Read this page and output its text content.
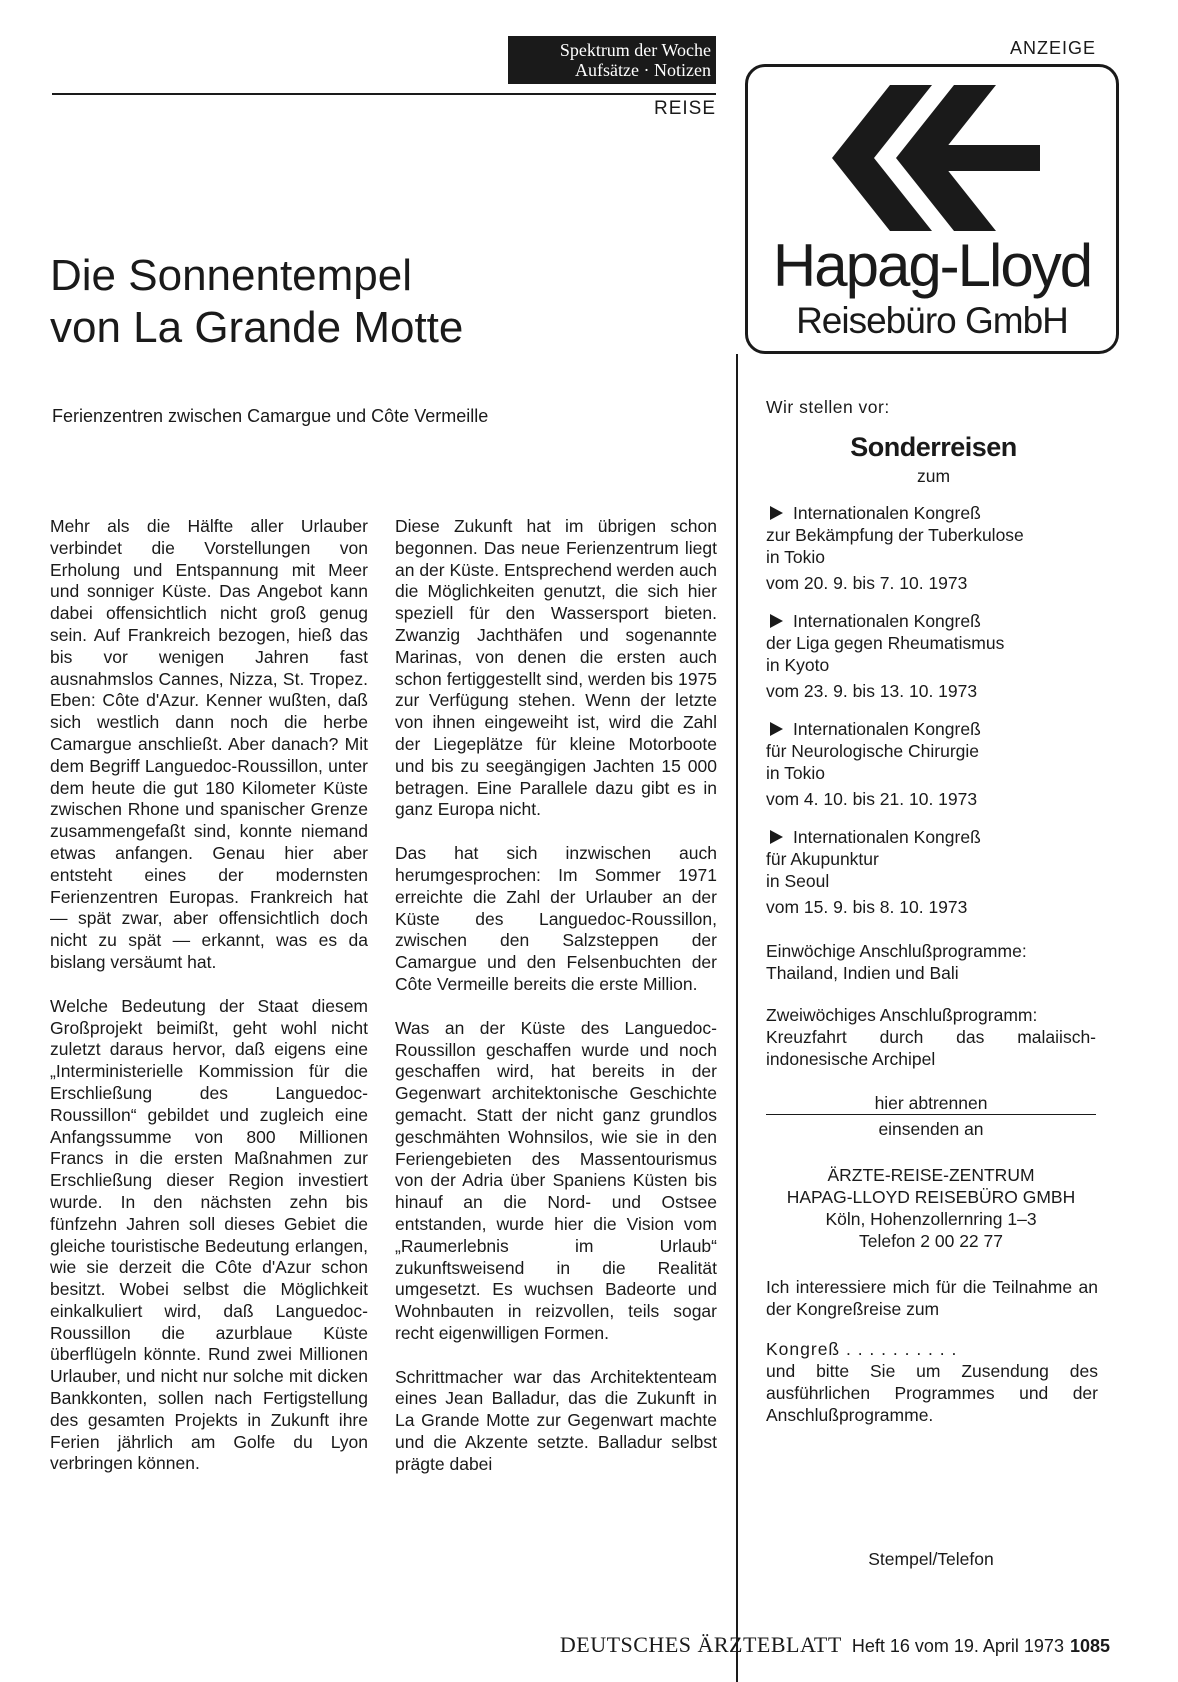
Spektrum der Woche
Aufsätze · Notizen
REISE
Die Sonnentempel
von La Grande Motte
Ferienzentren zwischen Camargue und Côte Vermeille

Mehr als die Hälfte aller Urlauber verbindet die Vorstellungen von Erholung und Entspannung mit Meer und sonniger Küste. Das Angebot kann dabei offensichtlich nicht groß genug sein. Auf Frankreich bezogen, hieß das bis vor wenigen Jahren fast ausnahmslos Cannes, Nizza, St. Tropez. Eben: Côte d'Azur. Kenner wußten, daß sich westlich dann noch die herbe Camargue anschließt. Aber danach? Mit dem Begriff Languedoc-Roussillon, unter dem heute die gut 180 Kilometer Küste zwischen Rhone und spanischer Grenze zusammengefaßt sind, konnte niemand etwas anfangen. Genau hier aber entsteht eines der modernsten Ferienzentren Europas. Frankreich hat — spät zwar, aber offensichtlich doch nicht zu spät — erkannt, was es da bislang versäumt hat.

Welche Bedeutung der Staat diesem Großprojekt beimißt, geht wohl nicht zuletzt daraus hervor, daß eigens eine „Interministerielle Kommission für die Erschließung des Languedoc-Roussillon“ gebildet und zugleich eine Anfangssumme von 800 Millionen Francs in die ersten Maßnahmen zur Erschließung dieser Region investiert wurde. In den nächsten zehn bis fünfzehn Jahren soll dieses Gebiet die gleiche touristische Bedeutung erlangen, wie sie derzeit die Côte d'Azur schon besitzt. Wobei selbst die Möglichkeit einkalkuliert wird, daß Languedoc-Roussillon die azurblaue Küste überflügeln könnte. Rund zwei Millionen Urlauber, und nicht nur solche mit dicken Bankkonten, sollen nach Fertigstellung des gesamten Projekts in Zukunft ihre Ferien jährlich am Golfe du Lyon verbringen können.

Diese Zukunft hat im übrigen schon begonnen. Das neue Ferienzentrum liegt an der Küste. Entsprechend werden auch die Möglichkeiten genutzt, die sich hier speziell für den Wassersport bieten. Zwanzig Jachthäfen und sogenannte Marinas, von denen die ersten auch schon fertiggestellt sind, werden bis 1975 zur Verfügung stehen. Wenn der letzte von ihnen eingeweiht ist, wird die Zahl der Liegeplätze für kleine Motorboote und bis zu seegängigen Jachten 15 000 betragen. Eine Parallele dazu gibt es in ganz Europa nicht.

Das hat sich inzwischen auch herumgesprochen: Im Sommer 1971 erreichte die Zahl der Urlauber an der Küste des Languedoc-Roussillon, zwischen den Salzsteppen der Camargue und den Felsenbuchten der Côte Vermeille bereits die erste Million.

Was an der Küste des Languedoc-Roussillon geschaffen wurde und noch geschaffen wird, hat bereits in der Gegenwart architektonische Geschichte gemacht. Statt der nicht ganz grundlos geschmähten Wohnsilos, wie sie in den Feriengebieten des Massentourismus von der Adria über Spaniens Küsten bis hinauf an die Nord- und Ostsee entstanden, wurde hier die Vision vom „Raumerlebnis im Urlaub“ zukunftsweisend in die Realität umgesetzt. Es wuchsen Badeorte und Wohnbauten in reizvollen, teils sogar recht eigenwilligen Formen.

Schrittmacher war das Architektenteam eines Jean Balladur, das die Zukunft in La Grande Motte zur Gegenwart machte und die Akzente setzte. Balladur selbst prägte dabei

ANZEIGE
Hapag-Lloyd
Reisebüro GmbH
Wir stellen vor:
Sonderreisen
zum
Internationalen Kongreß
zur Bekämpfung der Tuberkulose
in Tokio
vom 20. 9. bis 7. 10. 1973
Internationalen Kongreß
der Liga gegen Rheumatismus
in Kyoto
vom 23. 9. bis 13. 10. 1973
Internationalen Kongreß
für Neurologische Chirurgie
in Tokio
vom 4. 10. bis 21. 10. 1973
Internationalen Kongreß
für Akupunktur
in Seoul
vom 15. 9. bis 8. 10. 1973

Einwöchige Anschlußprogramme:

Thailand, Indien und Bali

Zweiwöchiges Anschlußprogramm:

Kreuzfahrt durch das malaiisch-indonesische Archipel

hier abtrennen
einsenden an
ÄRZTE-REISE-ZENTRUM
HAPAG-LLOYD REISEBÜRO GMBH
Köln, Hohenzollernring 1–3
Telefon 2 00 22 77
Ich interessiere mich für die Teilnahme an der Kongreßreise zum
Kongreß . . . . . . . . . .
und bitte Sie um Zusendung des ausführlichen Programmes und der Anschlußprogramme.
Stempel/Telefon
DEUTSCHES ÄRZTEBLATT Heft 16 vom 19. April 1973 1085
